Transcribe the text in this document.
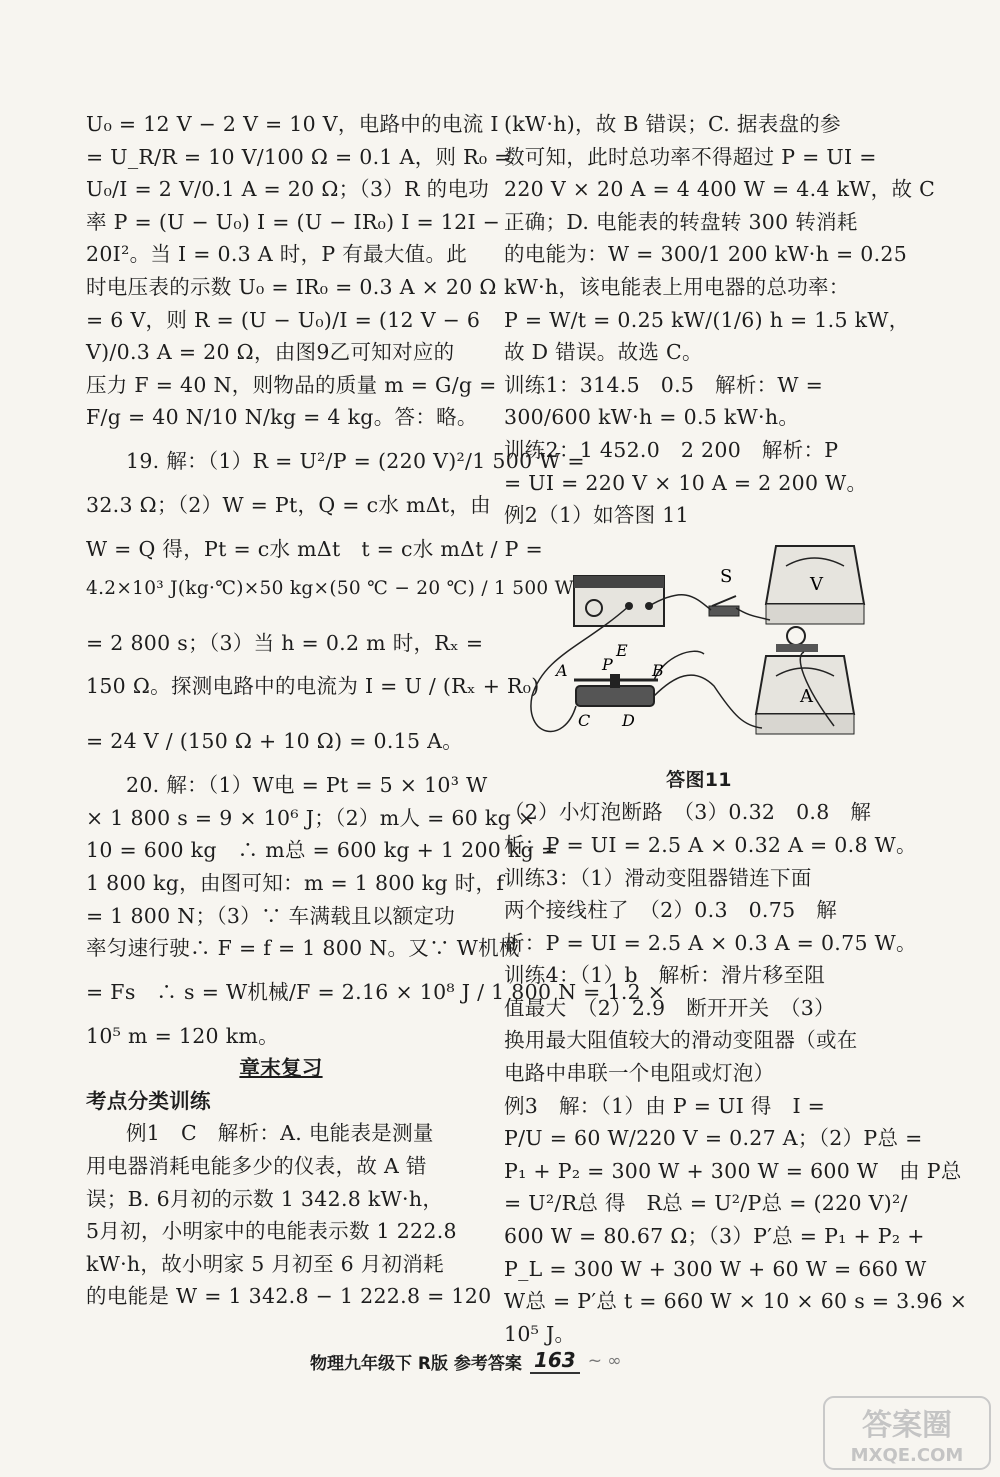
U₀ = 12 V − 2 V = 10 V，电路中的电流 I
= U_R/R = 10 V/100 Ω = 0.1 A，则 R₀ =
U₀/I = 2 V/0.1 A = 20 Ω；（3）R 的电功
率 P = (U − U₀) I = (U − IR₀) I = 12I −
20I²。当 I = 0.3 A 时，P 有最大值。此
时电压表的示数 U₀ = IR₀ = 0.3 A × 20 Ω
= 6 V，则 R = (U − U₀)/I = (12 V − 6
V)/0.3 A = 20 Ω，由图9乙可知对应的
压力 F = 40 N，则物品的质量 m = G/g =
F/g = 40 N/10 N/kg = 4 kg。答：略。
19. 解：（1）R = U²/P = (220 V)²/1 500 W =
32.3 Ω；（2）W = Pt，Q = c水 mΔt，由
W = Q 得，Pt = c水 mΔt　t = c水 mΔt / P =
4.2×10³ J(kg·℃)×50 kg×(50 ℃ − 20 ℃) / 1 500 W
= 2 800 s；（3）当 h = 0.2 m 时，Rₓ =
150 Ω。探测电路中的电流为 I = U / (Rₓ + R₀)
= 24 V / (150 Ω + 10 Ω) = 0.15 A。
20. 解：（1）W电 = Pt = 5 × 10³ W
× 1 800 s = 9 × 10⁶ J；（2）m人 = 60 kg ×
10 = 600 kg　∴ m总 = 600 kg + 1 200 kg =
1 800 kg，由图可知：m = 1 800 kg 时，f
= 1 800 N；（3）∵ 车满载且以额定功
率匀速行驶∴ F = f = 1 800 N。又∵ W机械
= Fs　∴ s = W机械/F = 2.16 × 10⁸ J / 1 800 N = 1.2 ×
10⁵ m = 120 km。
章末复习
考点分类训练
例1　C　解析：A. 电能表是测量
用电器消耗电能多少的仪表，故 A 错
误；B. 6月初的示数 1 342.8 kW·h，
5月初，小明家中的电能表示数 1 222.8
kW·h，故小明家 5 月初至 6 月初消耗
的电能是 W = 1 342.8 − 1 222.8 = 120
(kW·h)，故 B 错误；C. 据表盘的参
数可知，此时总功率不得超过 P = UI =
220 V × 20 A = 4 400 W = 4.4 kW，故 C
正确；D. 电能表的转盘转 300 转消耗
的电能为：W = 300/1 200 kW·h = 0.25
kW·h，该电能表上用电器的总功率：
P = W/t = 0.25 kW/(1/6) h = 1.5 kW，
故 D 错误。故选 C。
训练1：314.5　0.5　解析：W =
300/600 kW·h = 0.5 kW·h。
训练2：1 452.0　2 200　解析：P
= UI = 220 V × 10 A = 2 200 W。
例2（1）如答图 11
S	V
E
A P B
C D
A
答图11
（2）小灯泡断路　（3）0.32　0.8　解
析：P = UI = 2.5 A × 0.32 A = 0.8 W。
训练3：（1）滑动变阻器错连下面
两个接线柱了　（2）0.3　0.75　解
析：P = UI = 2.5 A × 0.3 A = 0.75 W。
训练4：（1）b　解析：滑片移至阻
值最大　（2）2.9　断开开关　（3）
换用最大阻值较大的滑动变阻器（或在
电路中串联一个电阻或灯泡）
例3　解：（1）由 P = UI 得　I =
P/U = 60 W/220 V = 0.27 A；（2）P总 =
P₁ + P₂ = 300 W + 300 W = 600 W　由 P总
= U²/R总 得　R总 = U²/P总 = (220 V)²/
600 W = 80.67 Ω；（3）P′总 = P₁ + P₂ +
P_L = 300 W + 300 W + 60 W = 660 W
W总 = P′总 t = 660 W × 10 × 60 s = 3.96 ×
10⁵ J。
物理九年级下 R版 参考答案 163 ~ ∞
答案圈
MXQE.COM
